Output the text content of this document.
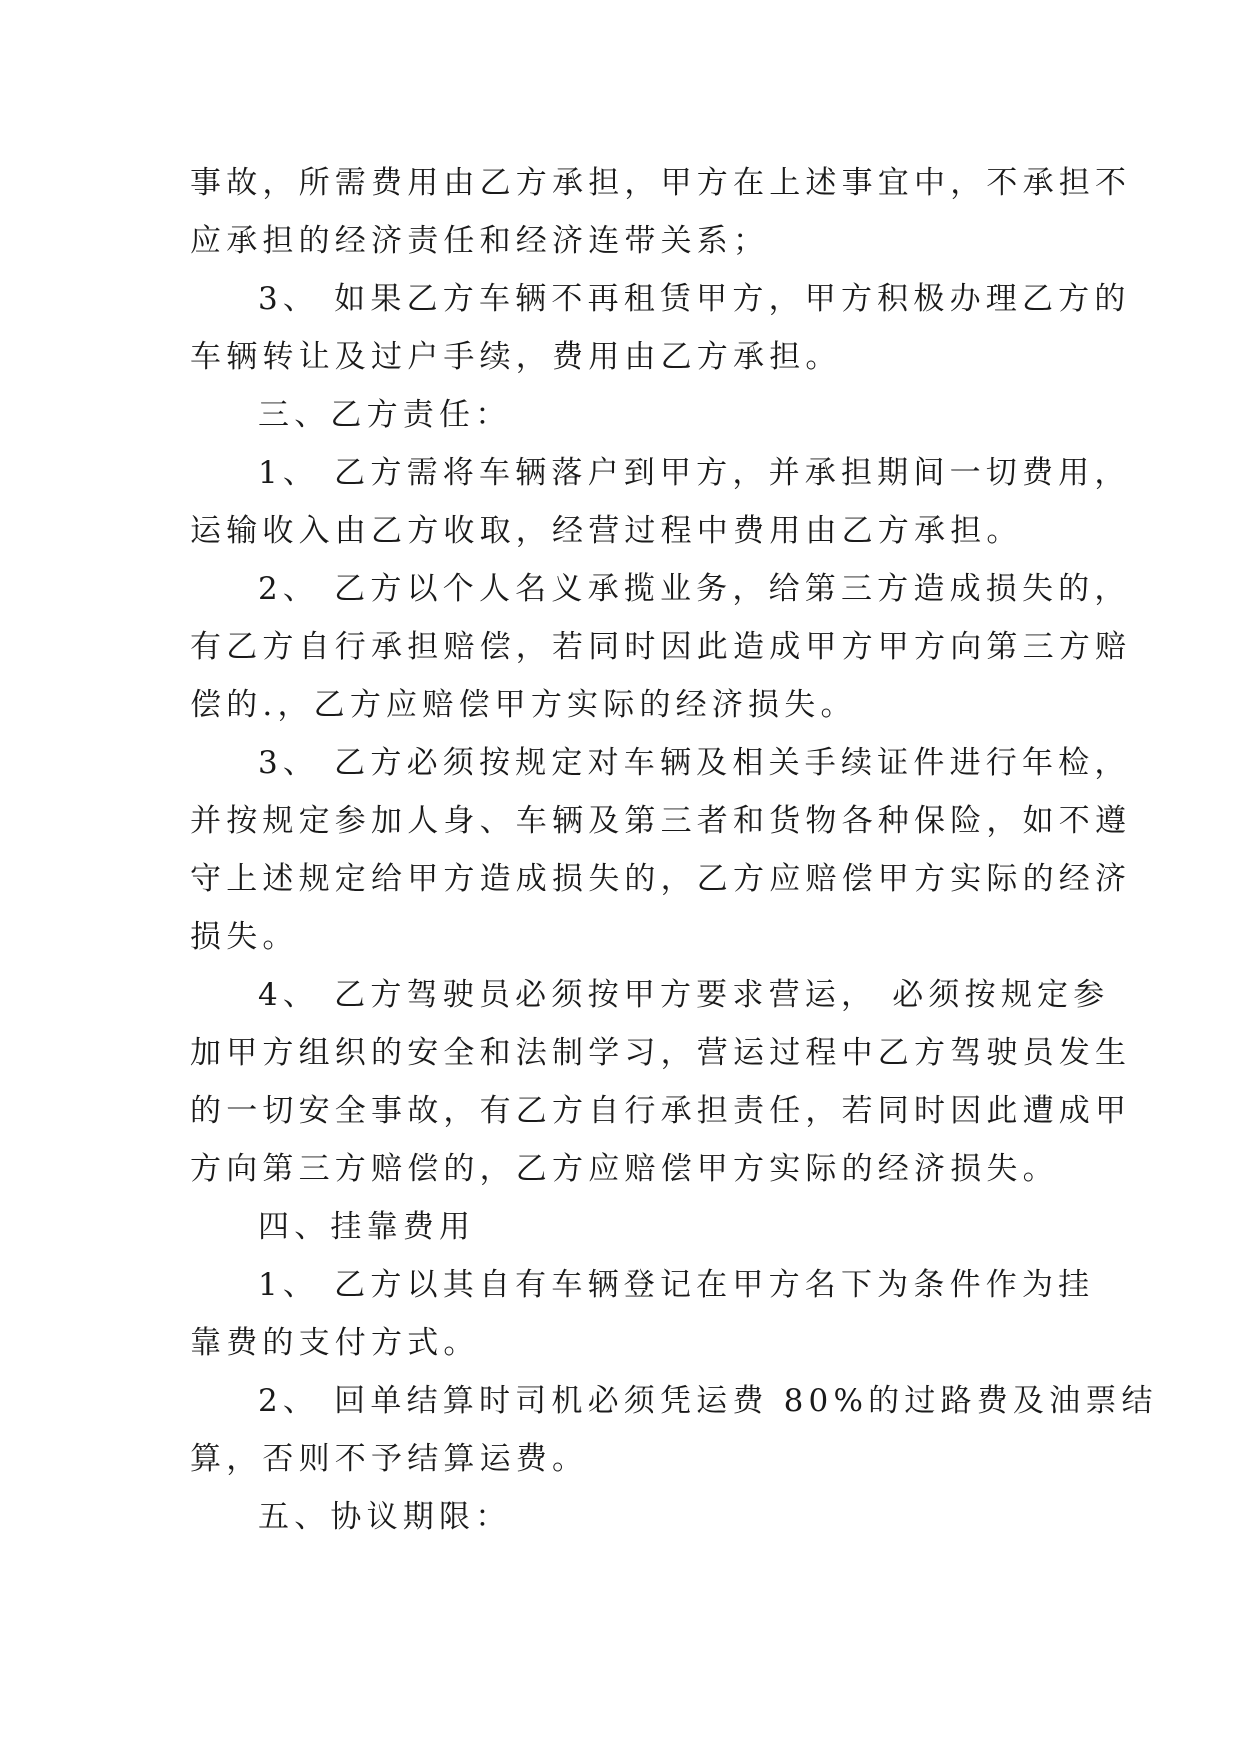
事故，所需费用由乙方承担，甲方在上述事宜中，不承担不
应承担的经济责任和经济连带关系；
3、 如果乙方车辆不再租赁甲方，甲方积极办理乙方的
车辆转让及过户手续，费用由乙方承担。
三、乙方责任：
1、 乙方需将车辆落户到甲方，并承担期间一切费用，
运输收入由乙方收取，经营过程中费用由乙方承担。
2、 乙方以个人名义承揽业务，给第三方造成损失的，
有乙方自行承担赔偿，若同时因此造成甲方甲方向第三方赔
偿的.，乙方应赔偿甲方实际的经济损失。
3、 乙方必须按规定对车辆及相关手续证件进行年检，
并按规定参加人身、车辆及第三者和货物各种保险，如不遵
守上述规定给甲方造成损失的，乙方应赔偿甲方实际的经济
损失。
4、 乙方驾驶员必须按甲方要求营运， 必须按规定参
加甲方组织的安全和法制学习，营运过程中乙方驾驶员发生
的一切安全事故，有乙方自行承担责任，若同时因此遭成甲
方向第三方赔偿的，乙方应赔偿甲方实际的经济损失。
四、挂靠费用
1、 乙方以其自有车辆登记在甲方名下为条件作为挂
靠费的支付方式。
2、 回单结算时司机必须凭运费 80%的过路费及油票结
算，否则不予结算运费。
五、协议期限：
